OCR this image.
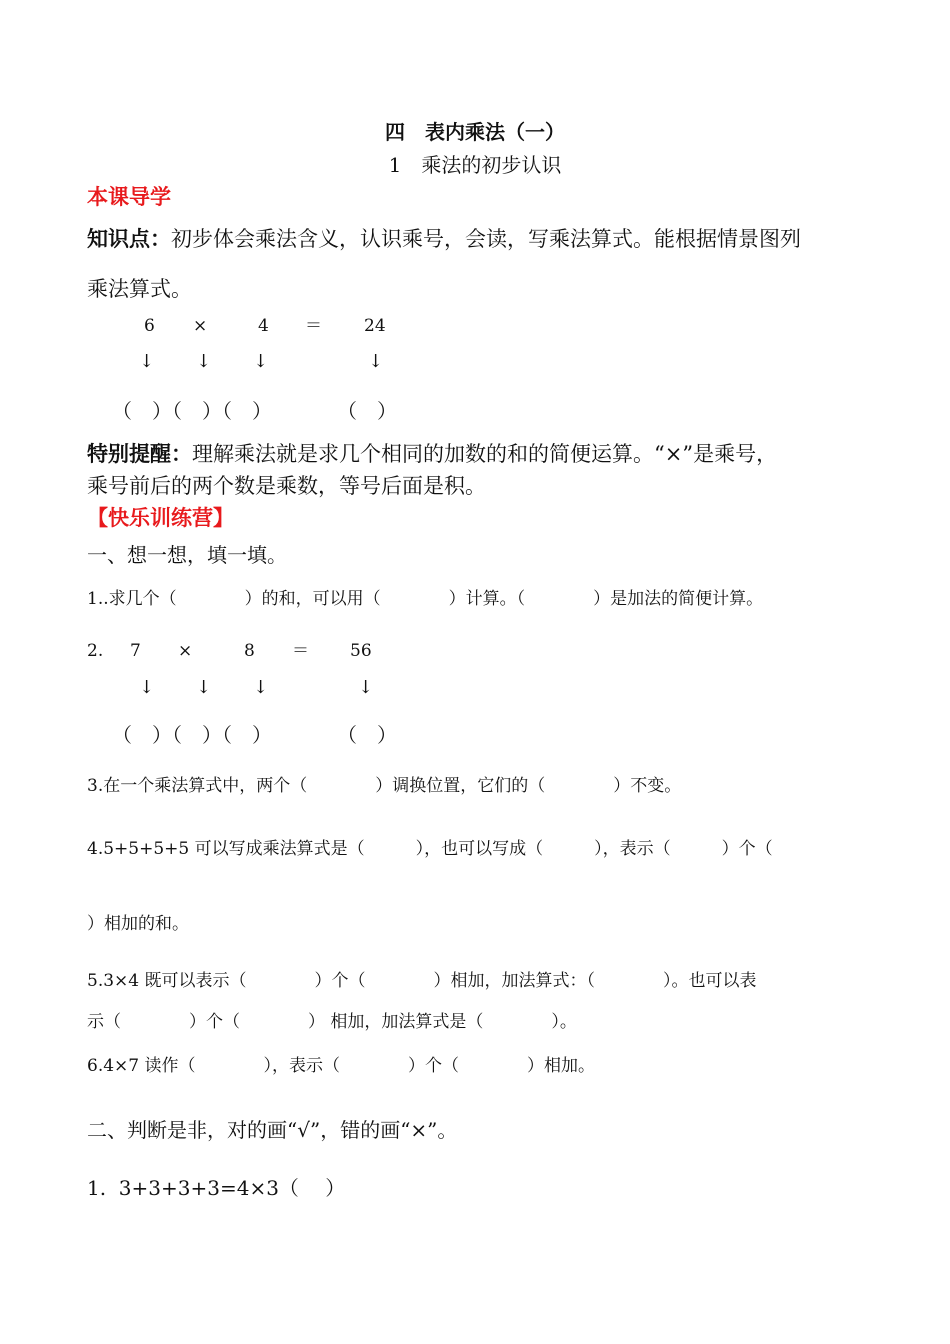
四　表内乘法（一）
1　乘法的初步认识
本课导学
知识点：初步体会乘法含义，认识乘号，会读，写乘法算式。能根据情景图列
乘法算式。
6 ×	4 ＝ 24
↓ ↓ ↓	↓
（　）（　）（　）	（　）
特别提醒：理解乘法就是求几个相同的加数的和的简便运算。“×”是乘号，
乘号前后的两个数是乘数，等号后面是积。
【快乐训练营】
一、想一想，填一填。
1..求几个（　　　　）的和，可以用（　　　　）计算。（　　　　）是加法的简便计算。
2. 7 ×	8 ＝ 56
↓ ↓ ↓	↓
（　）（　）（　）	（　）
3.在一个乘法算式中，两个（　　　　）调换位置，它们的（　　　　）不变。
4.5+5+5+5 可以写成乘法算式是（　　　），也可以写成（　　　），表示（　　　）个（
）相加的和。
5.3×4 既可以表示（　　　　）个（　　　　）相加，加法算式：（　　　　）。也可以表
示（　　　　）个（　　　　） 相加，加法算式是（　　　　）。
6.4×7 读作（　　　　），表示（　　　　）个（　　　　）相加。
二、判断是非，对的画“√”，错的画“×”。
1.  3+3+3+3=4×3（　 ）
